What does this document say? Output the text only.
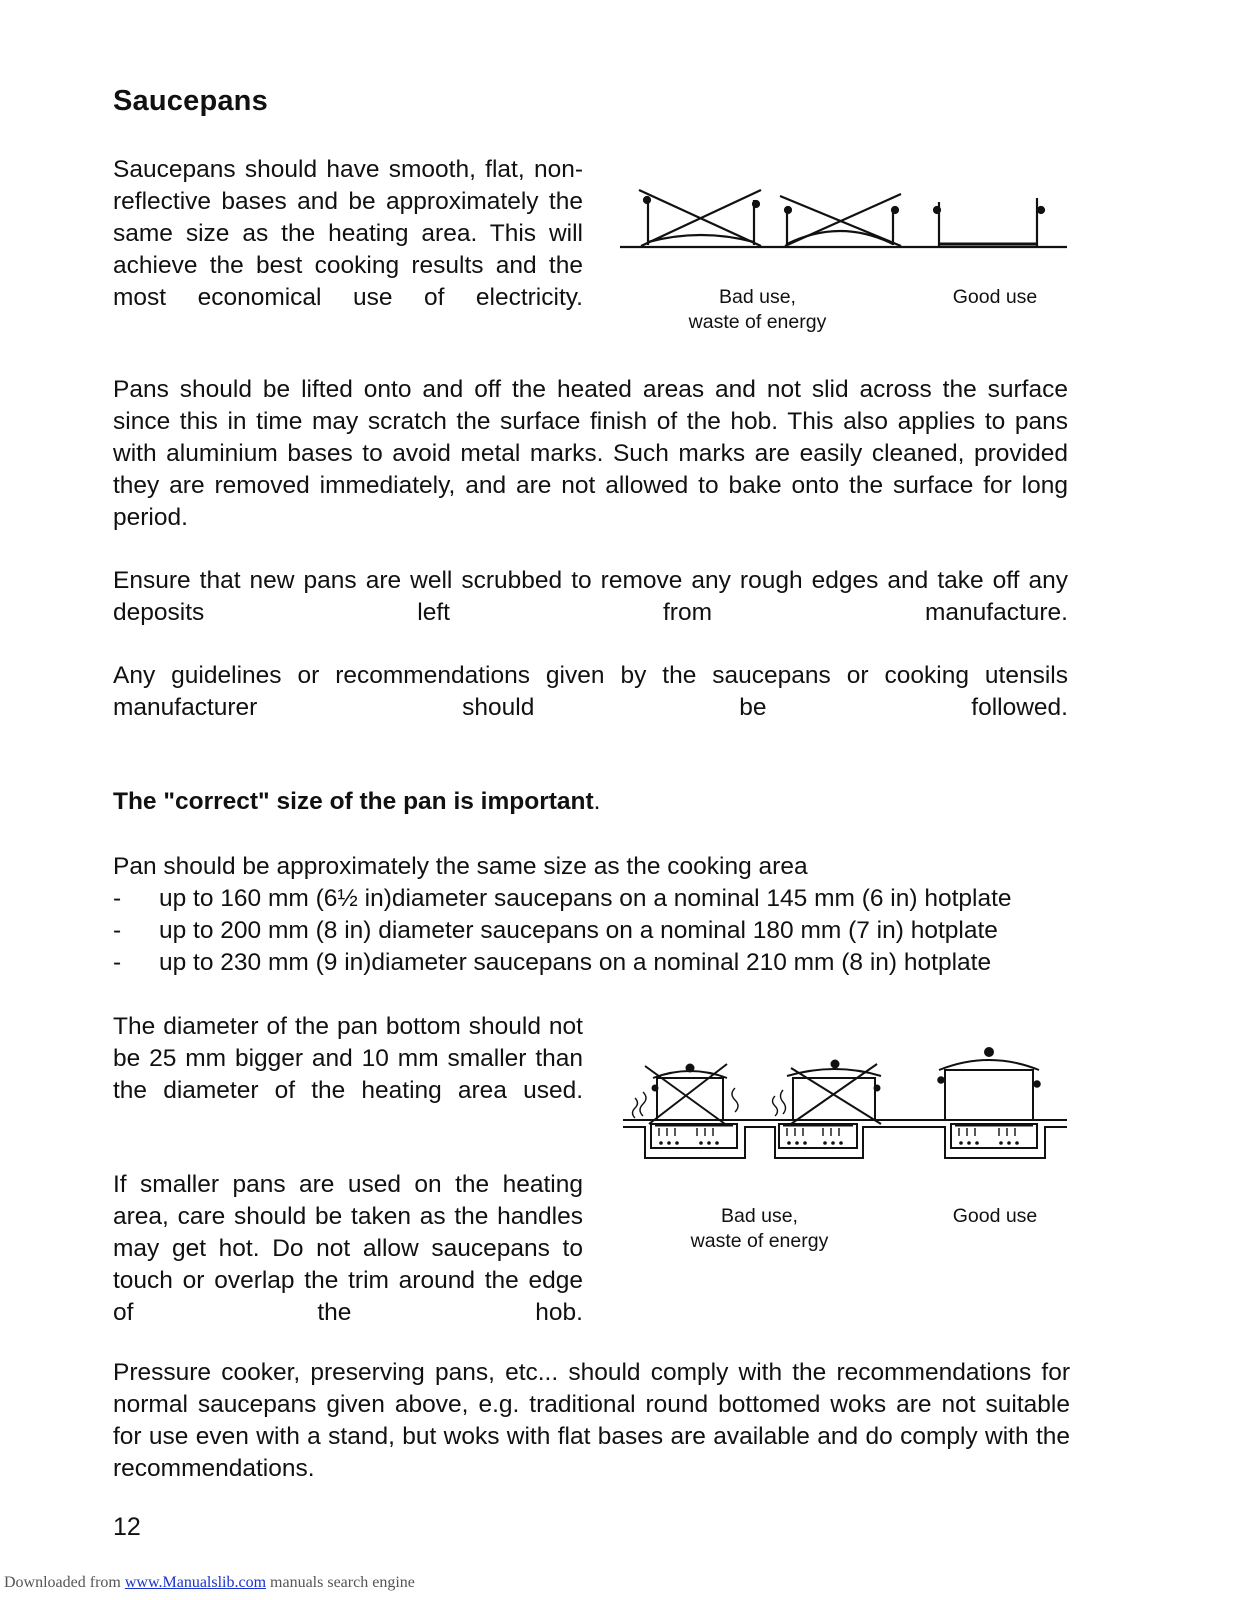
Saucepans
Saucepans should have smooth, flat, non-reflective bases and be approximately the same size as the heating area. This will achieve the best cooking results and the most economical use of electricity.	Bad use,
waste of energy
Good use
Pans should be lifted onto and off the heated areas and not slid across the surface since this in time may scratch the surface finish of the hob. This also applies to pans with aluminium bases to avoid metal marks. Such marks are easily cleaned, provided they are removed immediately, and are not allowed to bake onto the surface for long period.
Ensure that new pans are well scrubbed to remove any rough edges and take off any deposits left from manufacture.
Any guidelines or recommendations given by the saucepans or cooking utensils manufacturer should be followed.
The "correct" size of the pan is important.
Pan should be approximately the same size as the cooking area
- up to 160 mm (6½ in)diameter saucepans on a nominal 145 mm (6 in) hotplate
- up to 200 mm (8 in) diameter saucepans on a nominal 180 mm (7 in) hotplate
- up to 230 mm (9 in)diameter saucepans on a nominal 210 mm (8 in) hotplate
The diameter of the pan bottom should not be 25 mm bigger and 10 mm smaller than the diameter of the heating area used.
If smaller pans are used on the heating area, care should be taken as the handles may get hot. Do not allow saucepans to touch or overlap the trim around the edge of the hob.
Bad use,
waste of energy
Good use
Pressure cooker, preserving pans, etc... should comply with the recommendations for normal saucepans given above, e.g. traditional round bottomed woks are not suitable for use even with a stand, but woks with flat bases are available and do comply with the recommendations.
12
Downloaded from www.Manualslib.com manuals search engine
